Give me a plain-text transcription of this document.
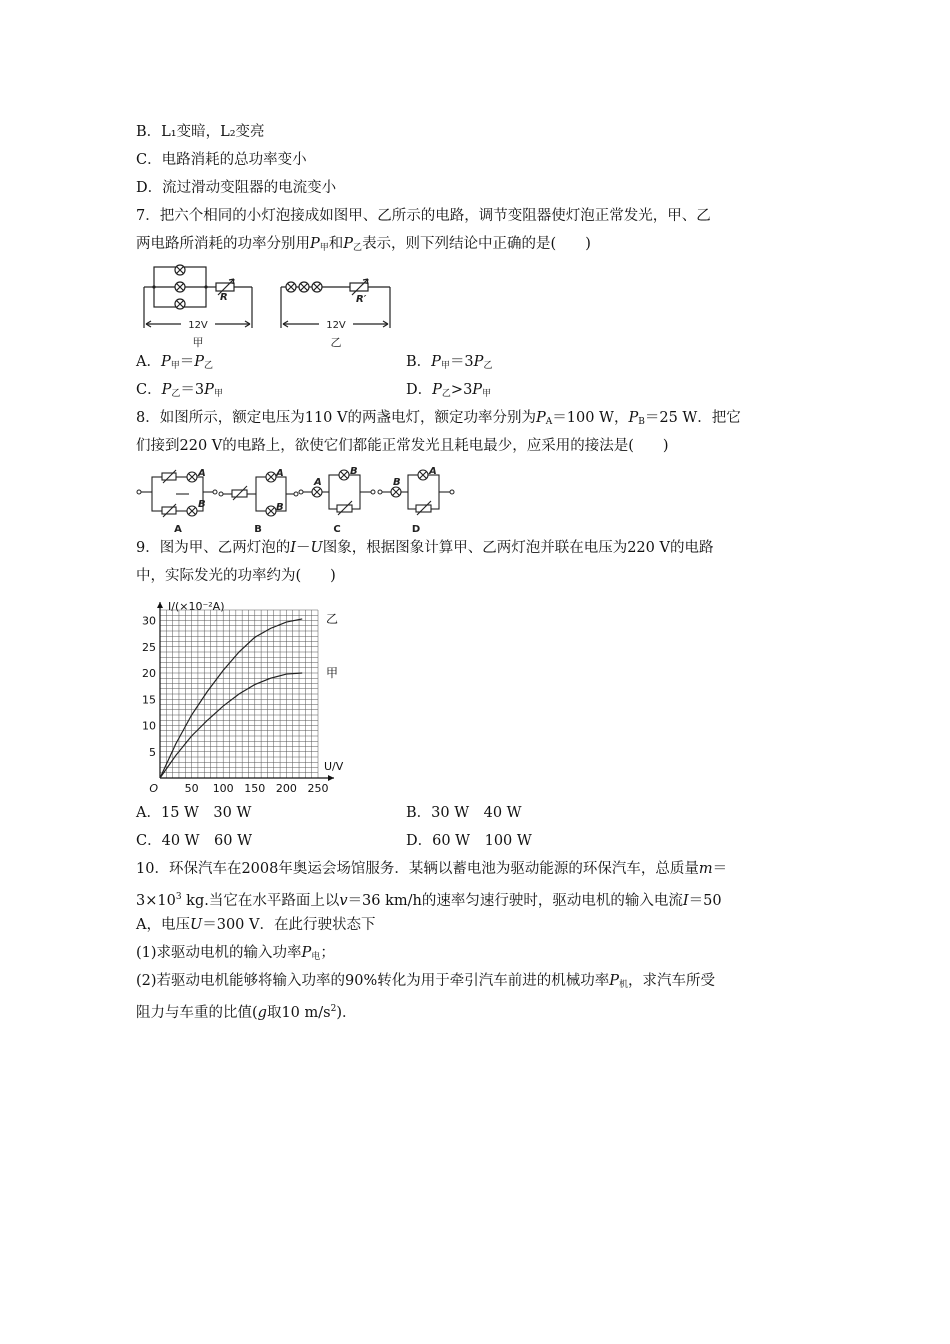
B．L₁变暗，L₂变亮
C．电路消耗的总功率变小
D．流过滑动变阻器的电流变小
7．把六个相同的小灯泡接成如图甲、乙所示的电路，调节变阻器使灯泡正常发光，甲、乙
两电路所消耗的功率分别用$P_甲$和$P_乙$表示，则下列结论中正确的是(　　)
R
12V
甲
R′
12V
乙
A．$P_甲=P_乙$	B．$P_甲=3P_乙$
C．$P_乙=3P_甲$	D．$P_乙>3P_甲$
8．如图所示，额定电压为110 V的两盏电灯，额定功率分别为$P_A=100$ W，$P_B=25$ W．把它
们接到220 V的电路上，欲使它们都能正常发光且耗电最少，应采用的接法是(　　)
A
B
A
B
A
B
B
A
A	B	C	D
9．图为甲、乙两灯泡的I－U图象，根据图象计算甲、乙两灯泡并联在电压为220 V的电路
中，实际发光的功率约为(　　)
50 100 150 200 250
5
10
15
20
25
30
O
I/(×10⁻²A)
U/V
乙
甲
A．15 W　30 W	B．30 W　40 W
C．40 W　60 W	D．60 W　100 W
10．环保汽车在2008年奥运会场馆服务．某辆以蓄电池为驱动能源的环保汽车，总质量m＝
$3\times 10^3$ kg.当它在水平路面上以v＝36 km/h的速率匀速行驶时，驱动电机的输入电流I＝50
A，电压U＝300 V．在此行驶状态下
(1)求驱动电机的输入功率$P_电$；
(2)若驱动电机能够将输入功率的90%转化为用于牵引汽车前进的机械功率$P_机$，求汽车所受
阻力与车重的比值(g取10 $m/s^2$)．
